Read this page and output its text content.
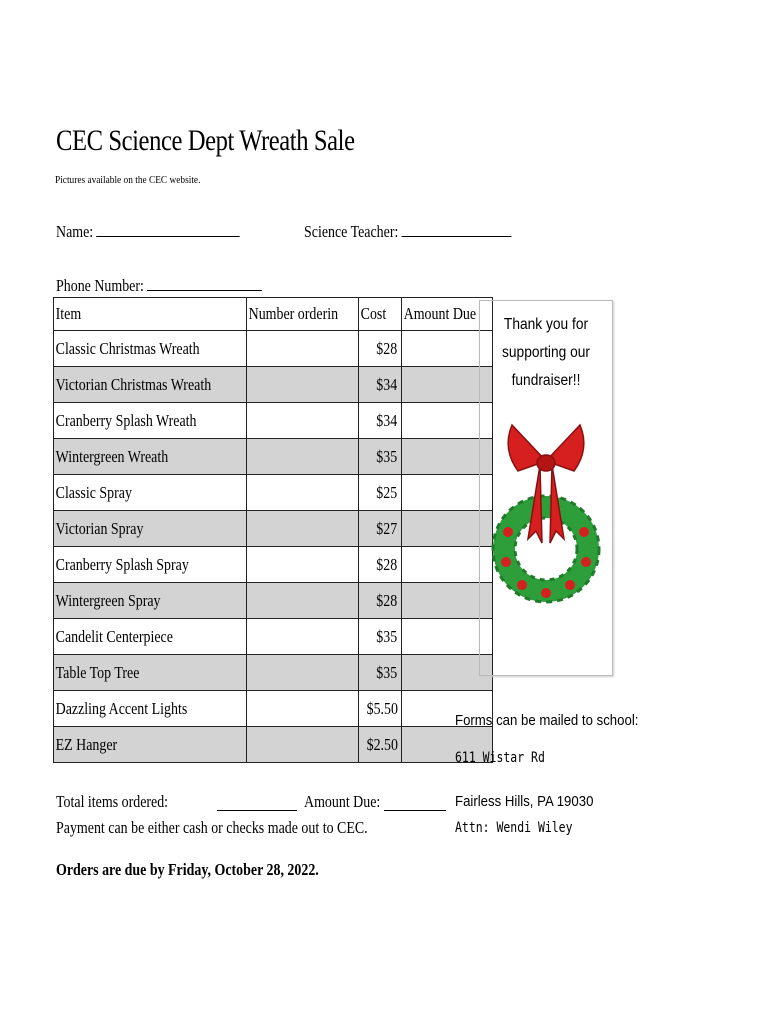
CEC Science Dept Wreath Sale
Pictures available on the CEC website.
Name:	Science Teacher:
Phone Number:
Item	Number orderin	Cost	Amount Due
Classic Christmas Wreath		$28	
Victorian Christmas Wreath		$34	
Cranberry Splash Wreath		$34	
Wintergreen Wreath		$35	
Classic Spray		$25	
Victorian Spray		$27	
Cranberry Splash Spray		$28	
Wintergreen Spray		$28	
Candelit Centerpiece		$35	
Table Top Tree		$35	
Dazzling Accent Lights		$5.50	
EZ Hanger		$2.50	
Thank you for
supporting our
fundraiser!!
Forms can be mailed to school:
611 Wistar Rd
Fairless Hills, PA 19030
Attn: Wendi Wiley
Total items ordered:	Amount Due:
Payment can be either cash or checks made out to CEC.
Orders are due by Friday, October 28, 2022.
